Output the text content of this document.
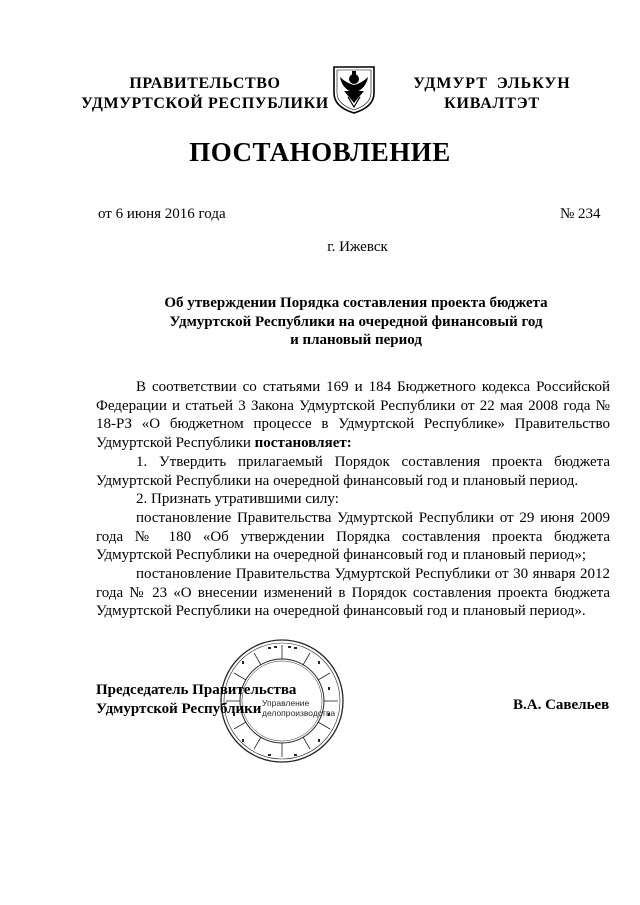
ПРАВИТЕЛЬСТВО
УДМУРТСКОЙ РЕСПУБЛИКИ
УДМУРТ ЭЛЬКУН
КИВАЛТЭТ
ПОСТАНОВЛЕНИЕ
от 6 июня 2016 года	№ 234
г. Ижевск
Об утверждении Порядка составления проекта бюджета
Удмуртской Республики на очередной финансовый год
и плановый период

В соответствии со статьями 169 и 184 Бюджетного кодекса Российской Федерации и статьей 3 Закона Удмуртской Республики от 22 мая 2008 года № 18-РЗ «О бюджетном процессе в Удмуртской Республике» Правительство Удмуртской Республики постановляет:

1. Утвердить прилагаемый Порядок составления проекта бюджета Удмуртской Республики на очередной финансовый год и плановый период.

2. Признать утратившими силу:

постановление Правительства Удмуртской Республики от 29 июня 2009 года № 180 «Об утверждении Порядка составления проекта бюджета Удмуртской Республики на очередной финансовый год и плановый период»;

постановление Правительства Удмуртской Республики от 30 января 2012 года № 23 «О внесении изменений в Порядок составления проекта бюджета Удмуртской Республики на очередной финансовый год и плановый период».

Управление
делопроизводства
Председатель Правительства
Удмуртской Республики	В.А. Савельев
